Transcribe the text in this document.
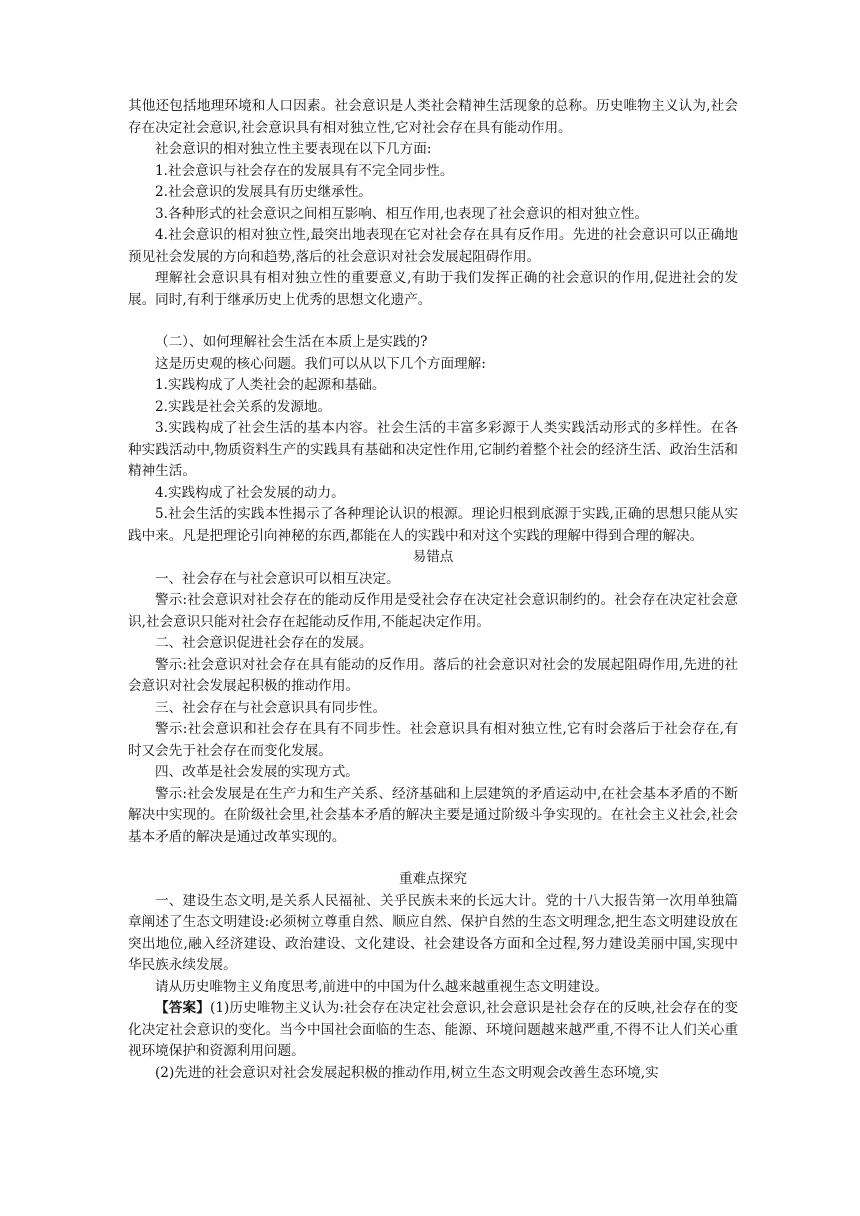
其他还包括地理环境和人口因素。社会意识是人类社会精神生活现象的总称。历史唯物主义认为,社会存在决定社会意识,社会意识具有相对独立性,它对社会存在具有能动作用。

社会意识的相对独立性主要表现在以下几方面:

1.社会意识与社会存在的发展具有不完全同步性。

2.社会意识的发展具有历史继承性。

3.各种形式的社会意识之间相互影响、相互作用,也表现了社会意识的相对独立性。

4.社会意识的相对独立性,最突出地表现在它对社会存在具有反作用。先进的社会意识可以正确地预见社会发展的方向和趋势,落后的社会意识对社会发展起阻碍作用。

理解社会意识具有相对独立性的重要意义,有助于我们发挥正确的社会意识的作用,促进社会的发展。同时,有利于继承历史上优秀的思想文化遗产。

（二）、如何理解社会生活在本质上是实践的?

这是历史观的核心问题。我们可以从以下几个方面理解:

1.实践构成了人类社会的起源和基础。

2.实践是社会关系的发源地。

3.实践构成了社会生活的基本内容。社会生活的丰富多彩源于人类实践活动形式的多样性。在各种实践活动中,物质资料生产的实践具有基础和决定性作用,它制约着整个社会的经济生活、政治生活和精神生活。

4.实践构成了社会发展的动力。

5.社会生活的实践本性揭示了各种理论认识的根源。理论归根到底源于实践,正确的思想只能从实践中来。凡是把理论引向神秘的东西,都能在人的实践中和对这个实践的理解中得到合理的解决。

易错点

一、社会存在与社会意识可以相互决定。

警示:社会意识对社会存在的能动反作用是受社会存在决定社会意识制约的。社会存在决定社会意识,社会意识只能对社会存在起能动反作用,不能起决定作用。

二、社会意识促进社会存在的发展。

警示:社会意识对社会存在具有能动的反作用。落后的社会意识对社会的发展起阻碍作用,先进的社会意识对社会发展起积极的推动作用。

三、社会存在与社会意识具有同步性。

警示:社会意识和社会存在具有不同步性。社会意识具有相对独立性,它有时会落后于社会存在,有时又会先于社会存在而变化发展。

四、改革是社会发展的实现方式。

警示:社会发展是在生产力和生产关系、经济基础和上层建筑的矛盾运动中,在社会基本矛盾的不断解决中实现的。在阶级社会里,社会基本矛盾的解决主要是通过阶级斗争实现的。在社会主义社会,社会基本矛盾的解决是通过改革实现的。

重难点探究

一、建设生态文明,是关系人民福祉、关乎民族未来的长远大计。党的十八大报告第一次用单独篇章阐述了生态文明建设:必须树立尊重自然、顺应自然、保护自然的生态文明理念,把生态文明建设放在突出地位,融入经济建设、政治建设、文化建设、社会建设各方面和全过程,努力建设美丽中国,实现中华民族永续发展。

请从历史唯物主义角度思考,前进中的中国为什么越来越重视生态文明建设。

【答案】(1)历史唯物主义认为:社会存在决定社会意识,社会意识是社会存在的反映,社会存在的变化决定社会意识的变化。当今中国社会面临的生态、能源、环境问题越来越严重,不得不让人们关心重视环境保护和资源利用问题。

(2)先进的社会意识对社会发展起积极的推动作用,树立生态文明观会改善生态环境,实
